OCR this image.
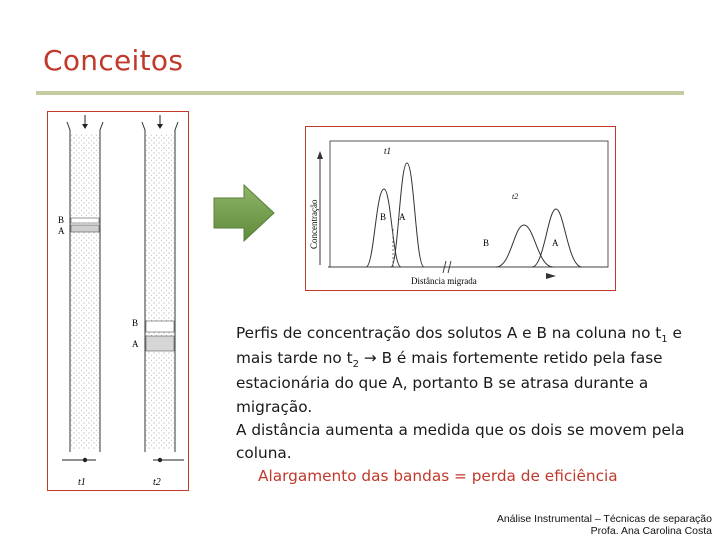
Conceitos
B
A
B
A
t1	t2
Concentração
Distância migrada
t1
t2
B A
B	A

Perfis de concentração dos solutos A e B na coluna no $t_1$ e mais tarde no $t_2 \to B$ é mais fortemente retido pela fase estacionária do que A, portanto B se atrasa durante a migração.

A distância aumenta a medida que os dois se movem pela coluna.

Alargamento das bandas = perda de eficiência

Análise Instrumental – Técnicas de separação
Profa. Ana Carolina Costa
